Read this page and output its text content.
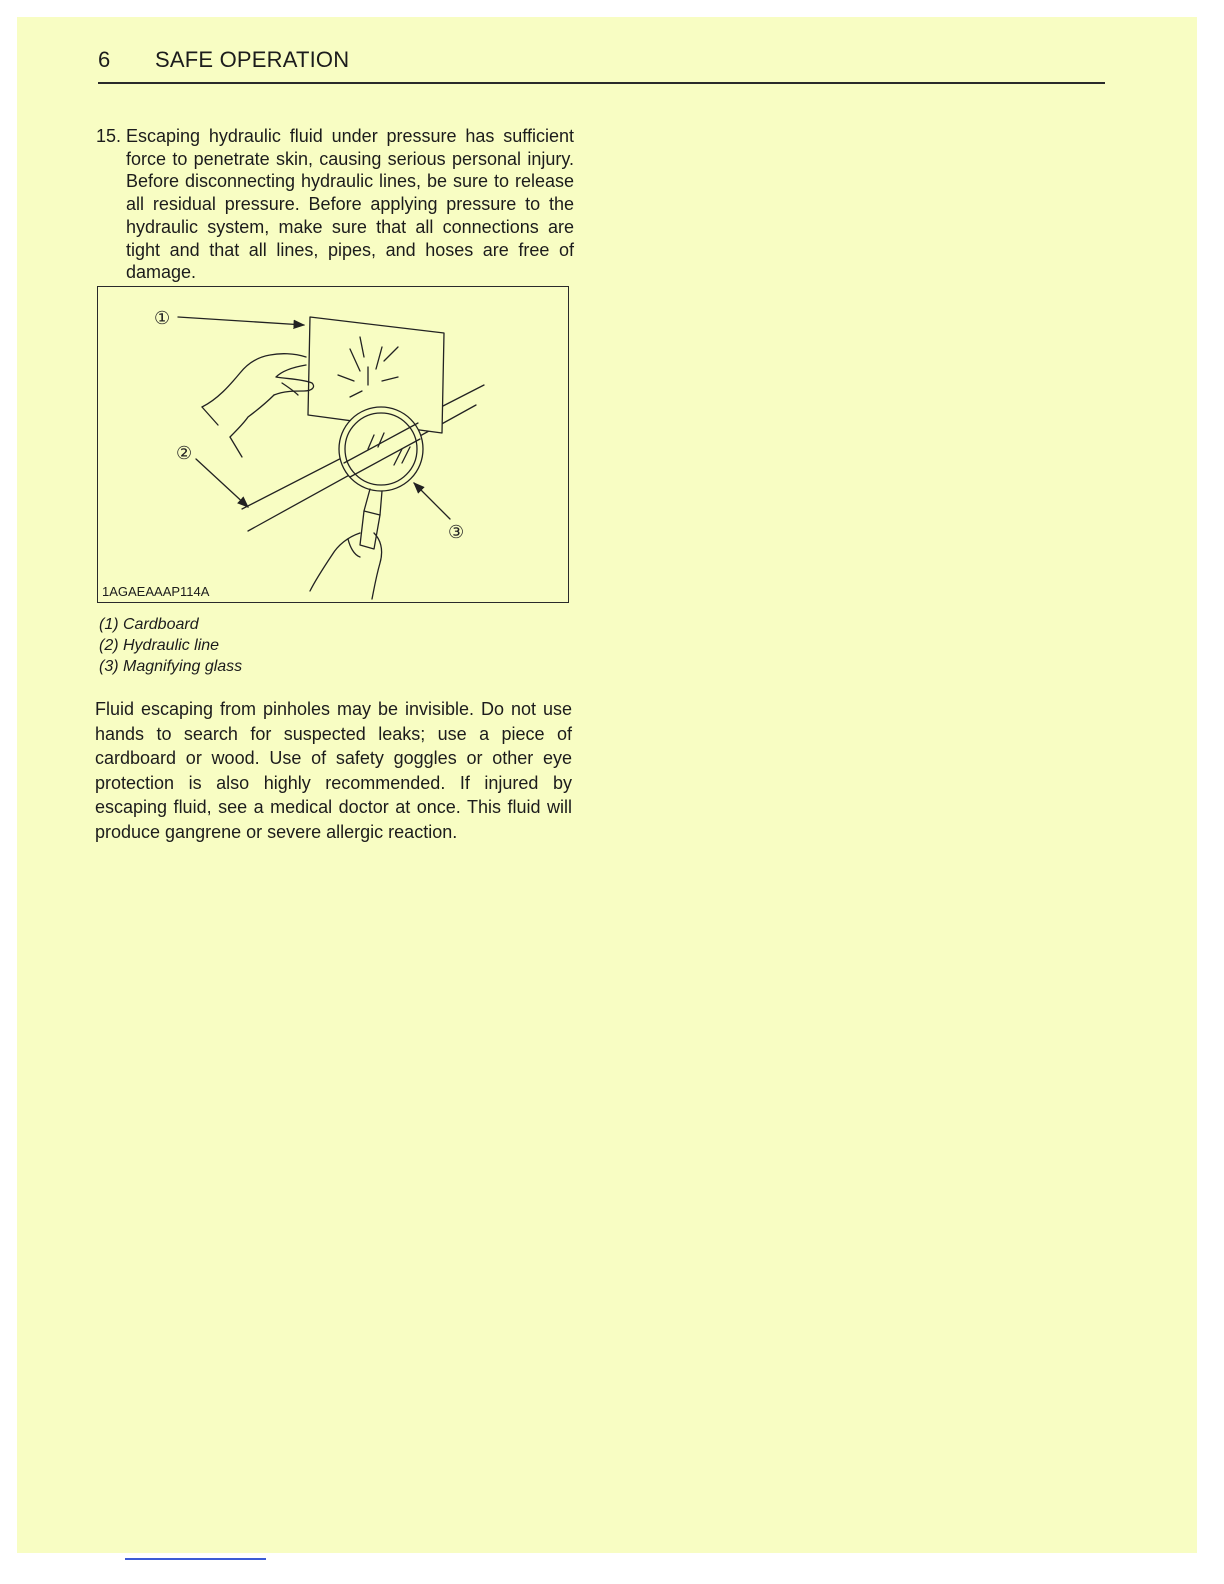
6 SAFE OPERATION
15. Escaping hydraulic fluid under pressure has sufficient force to penetrate skin, causing serious personal injury. Before disconnecting hydraulic lines, be sure to release all residual pressure. Before applying pressure to the hydraulic system, make sure that all connections are tight and that all lines, pipes, and hoses are free of damage.
①
②
③
1AGAEAAAP114A
(1) Cardboard
(2) Hydraulic line
(3) Magnifying glass
Fluid escaping from pinholes may be invisible. Do not use hands to search for suspected leaks; use a piece of cardboard or wood. Use of safety goggles or other eye protection is also highly recommended. If injured by escaping fluid, see a medical doctor at once. This fluid will produce gangrene or severe allergic reaction.
